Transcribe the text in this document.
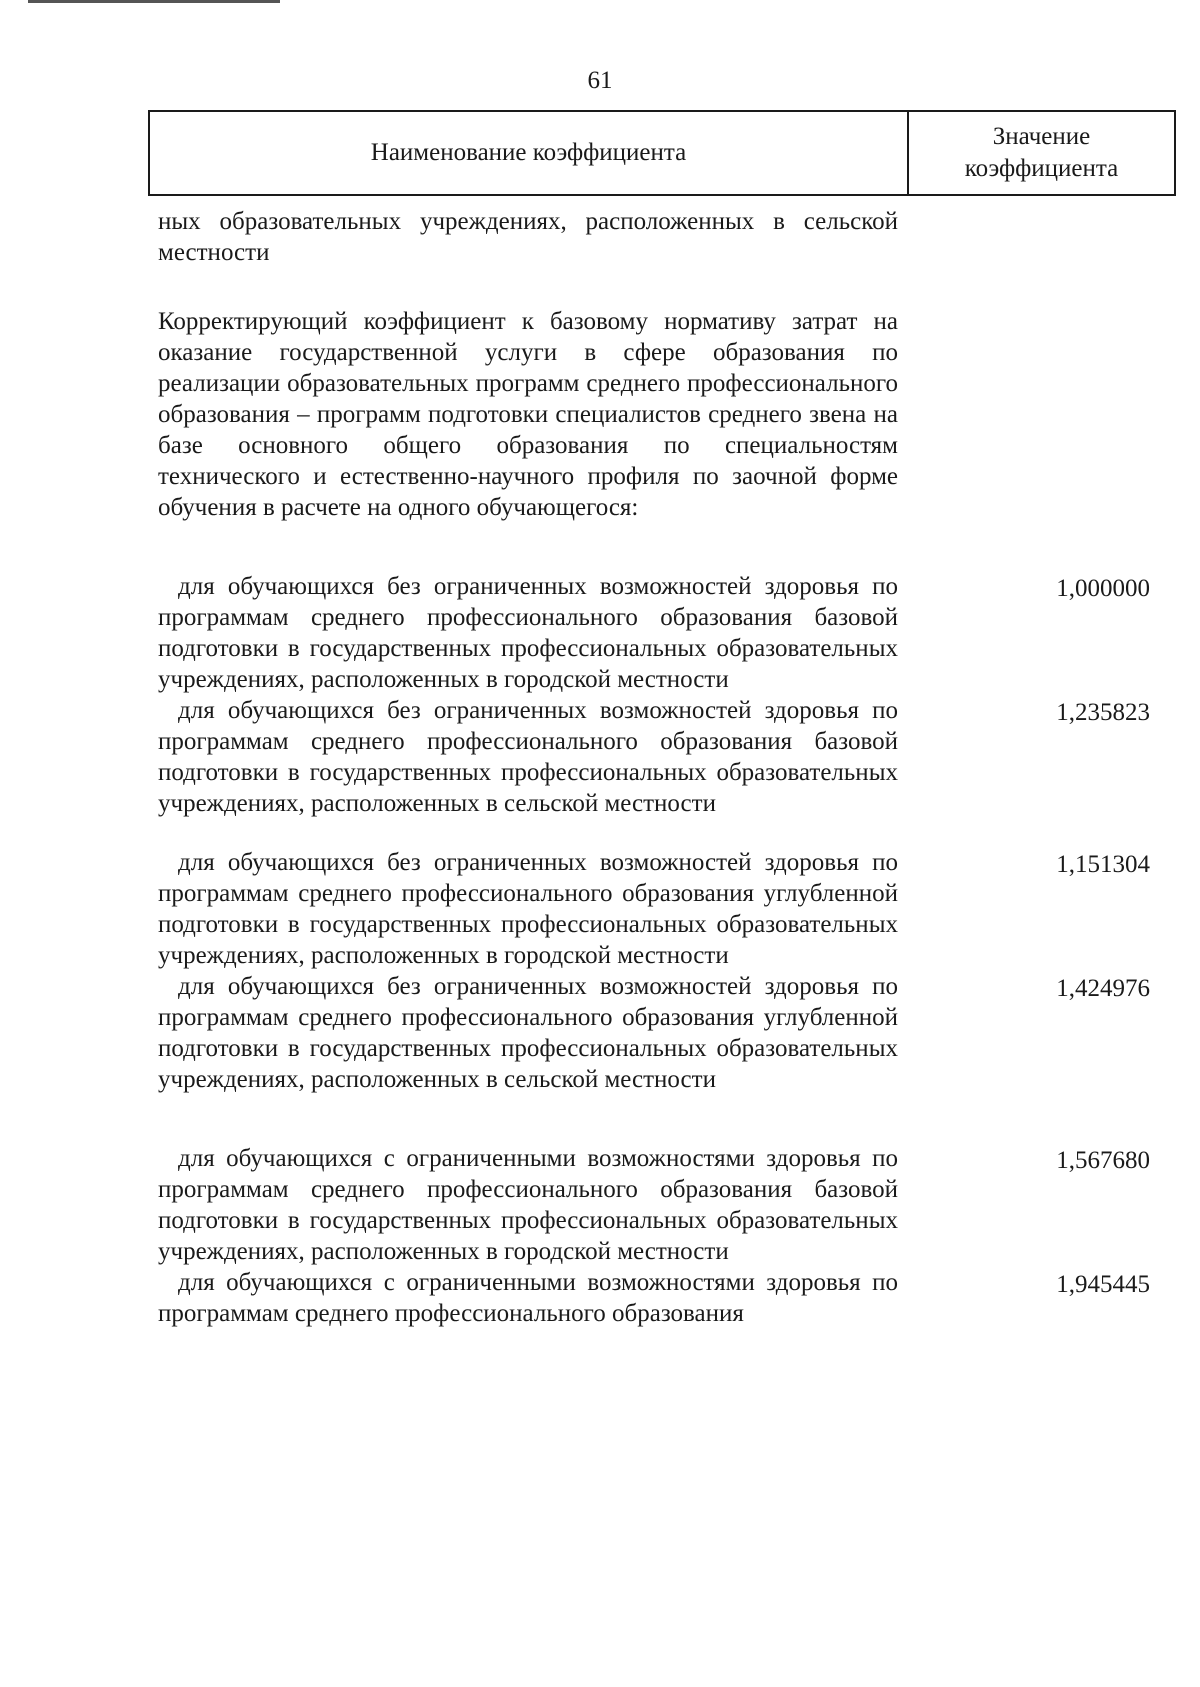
61
Наименование коэффициента
Значение коэффициента
ных образовательных учреждениях, расположенных в сельской местности
Корректирующий коэффициент к базовому нормативу затрат на оказание государственной услуги в сфере образования по реализации образовательных программ среднего профессионального образования – программ подготовки специалистов среднего звена на базе основного общего образования по специальностям технического и естественно-научного профиля по заочной форме обучения в расчете на одного обучающегося:
для обучающихся без ограниченных возможностей здоровья по программам среднего профессионального образования базовой подготовки в государственных профессиональных образовательных учреждениях, расположенных в городской местности
1,000000
для обучающихся без ограниченных возможностей здоровья по программам среднего профессионального образования базовой подготовки в государственных профессиональных образовательных учреждениях, расположенных в сельской местности
1,235823
для обучающихся без ограниченных возможностей здоровья по программам среднего профессионального образования углубленной подготовки в государственных профессиональных образовательных учреждениях, расположенных в городской местности
1,151304
для обучающихся без ограниченных возможностей здоровья по программам среднего профессионального образования углубленной подготовки в государственных профессиональных образовательных учреждениях, расположенных в сельской местности
1,424976
для обучающихся с ограниченными возможностями здоровья по программам среднего профессионального образования базовой подготовки в государственных профессиональных образовательных учреждениях, расположенных в городской местности
1,567680
для обучающихся с ограниченными возможностями здоровья по программам среднего профессионального образования
1,945445
